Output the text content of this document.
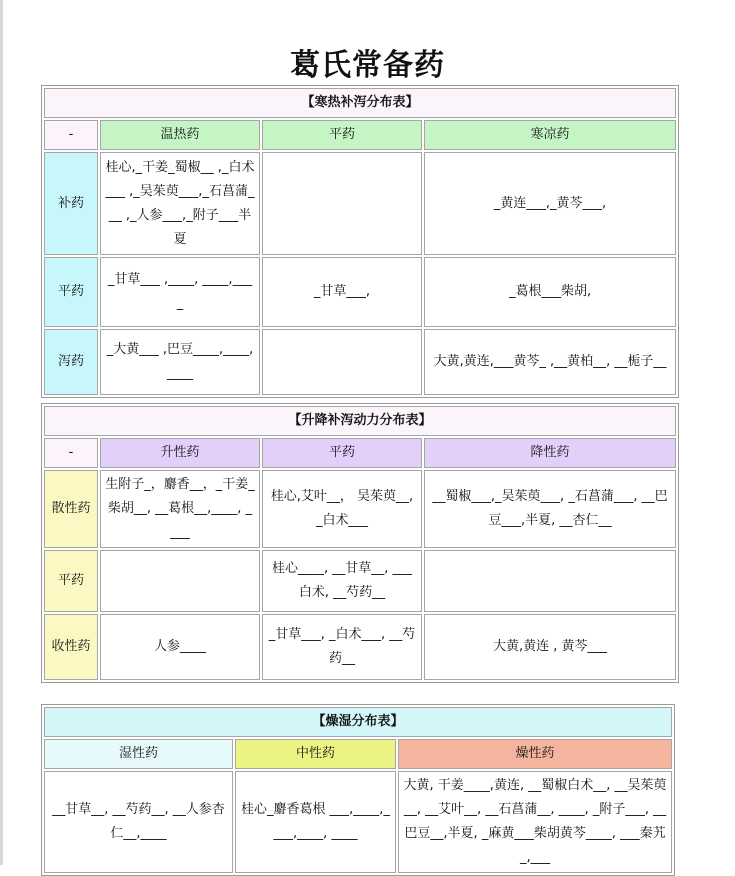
葛氏常备药
【寒热补泻分布表】			
-	温热药	平药	寒凉药
补药	桂心,_干姜_蜀椒__ ,_白术___ ,_吴茱萸___,_石菖蒲___ ,_人参___,_附子___半夏		_黄连___,_黄芩___,
平药	_甘草___ ,____, ____,____	_甘草___,	_葛根___柴胡,
泻药	_大黄___ ,巴豆____,____,____		大黄,黄连,___黄芩_ ,__黄柏__, __栀子__
【升降补泻动力分布表】			
-	升性药	平药	降性药
散性药	生附子_，麝香__，_干姜_柴胡__, __葛根__,____, ____	桂心,艾叶__， 吴茱萸__, _白术___	__蜀椒___,_吴茱萸___, _石菖蒲___, __巴豆___,半夏, __杏仁__
平药		桂心____, __甘草__, ___白术, __芍药__	
收性药	人参____	_甘草___, _白术___, __芍药__	大黄,黄连 , 黄芩___
【燥湿分布表】		
湿性药	中性药	燥性药
__甘草__, __芍药__, __人参杏仁__,____	桂心_麝香葛根 ___,____,____,____, ____	大黄, 干姜____,黄连, __蜀椒白术__, __吴茱萸__, __艾叶__, __石菖蒲__, ____, _附子___, __巴豆__,半夏, _麻黄___柴胡黄芩____, ___秦艽_,___
